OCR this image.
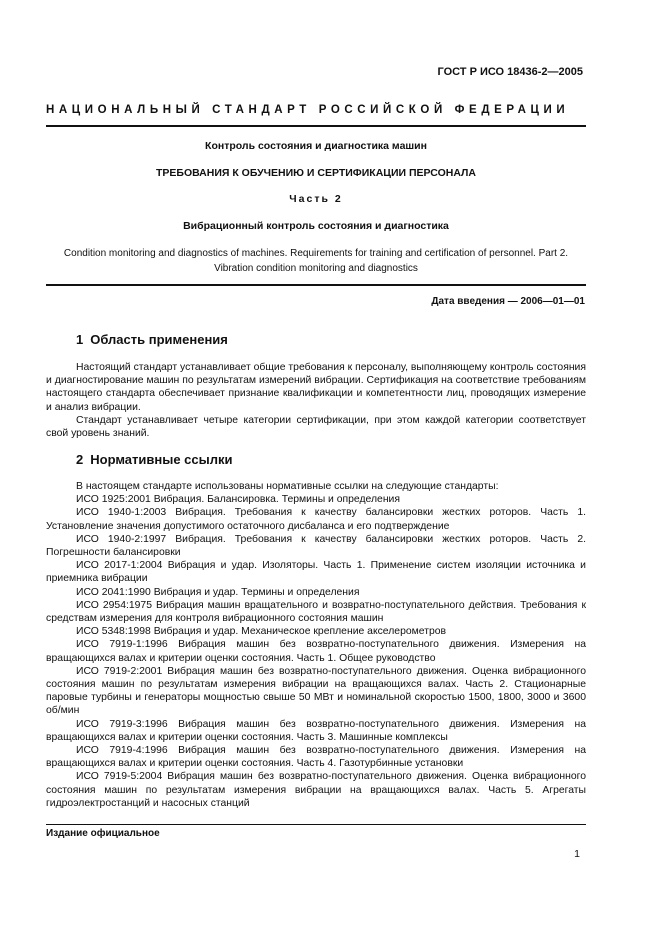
ГОСТ Р ИСО 18436-2—2005
НАЦИОНАЛЬНЫЙ СТАНДАРТ РОССИЙСКОЙ ФЕДЕРАЦИИ
Контроль состояния и диагностика машин
ТРЕБОВАНИЯ К ОБУЧЕНИЮ И СЕРТИФИКАЦИИ ПЕРСОНАЛА
Часть 2
Вибрационный контроль состояния и диагностика
Condition monitoring and diagnostics of machines. Requirements for training and certification of personnel. Part 2.
Vibration condition monitoring and diagnostics
Дата введения — 2006—01—01
1 Область применения

Настоящий стандарт устанавливает общие требования к персоналу, выполняющему контроль состояния и диагностирование машин по результатам измерений вибрации. Сертификация на соответствие требованиям настоящего стандарта обеспечивает признание квалификации и компетентности лиц, проводящих измерение и анализ вибрации.

Стандарт устанавливает четыре категории сертификации, при этом каждой категории соответствует свой уровень знаний.

2 Нормативные ссылки

В настоящем стандарте использованы нормативные ссылки на следующие стандарты:

ИСО 1925:2001 Вибрация. Балансировка. Термины и определения

ИСО 1940-1:2003 Вибрация. Требования к качеству балансировки жестких роторов. Часть 1. Установление значения допустимого остаточного дисбаланса и его подтверждение

ИСО 1940-2:1997 Вибрация. Требования к качеству балансировки жестких роторов. Часть 2. Погрешности балансировки

ИСО 2017-1:2004 Вибрация и удар. Изоляторы. Часть 1. Применение систем изоляции источника и приемника вибрации

ИСО 2041:1990 Вибрация и удар. Термины и определения

ИСО 2954:1975 Вибрация машин вращательного и возвратно-поступательного действия. Требования к средствам измерения для контроля вибрационного состояния машин

ИСО 5348:1998 Вибрация и удар. Механическое крепление акселерометров

ИСО 7919-1:1996 Вибрация машин без возвратно-поступательного движения. Измерения на вращающихся валах и критерии оценки состояния. Часть 1. Общее руководство

ИСО 7919-2:2001 Вибрация машин без возвратно-поступательного движения. Оценка вибрационного состояния машин по результатам измерения вибрации на вращающихся валах. Часть 2. Стационарные паровые турбины и генераторы мощностью свыше 50 МВт и номинальной скоростью 1500, 1800, 3000 и 3600 об/мин

ИСО 7919-3:1996 Вибрация машин без возвратно-поступательного движения. Измерения на вращающихся валах и критерии оценки состояния. Часть 3. Машинные комплексы

ИСО 7919-4:1996 Вибрация машин без возвратно-поступательного движения. Измерения на вращающихся валах и критерии оценки состояния. Часть 4. Газотурбинные установки

ИСО 7919-5:2004 Вибрация машин без возвратно-поступательного движения. Оценка вибрационного состояния машин по результатам измерения вибрации на вращающихся валах. Часть 5. Агрегаты гидроэлектростанций и насосных станций

Издание официальное
1
